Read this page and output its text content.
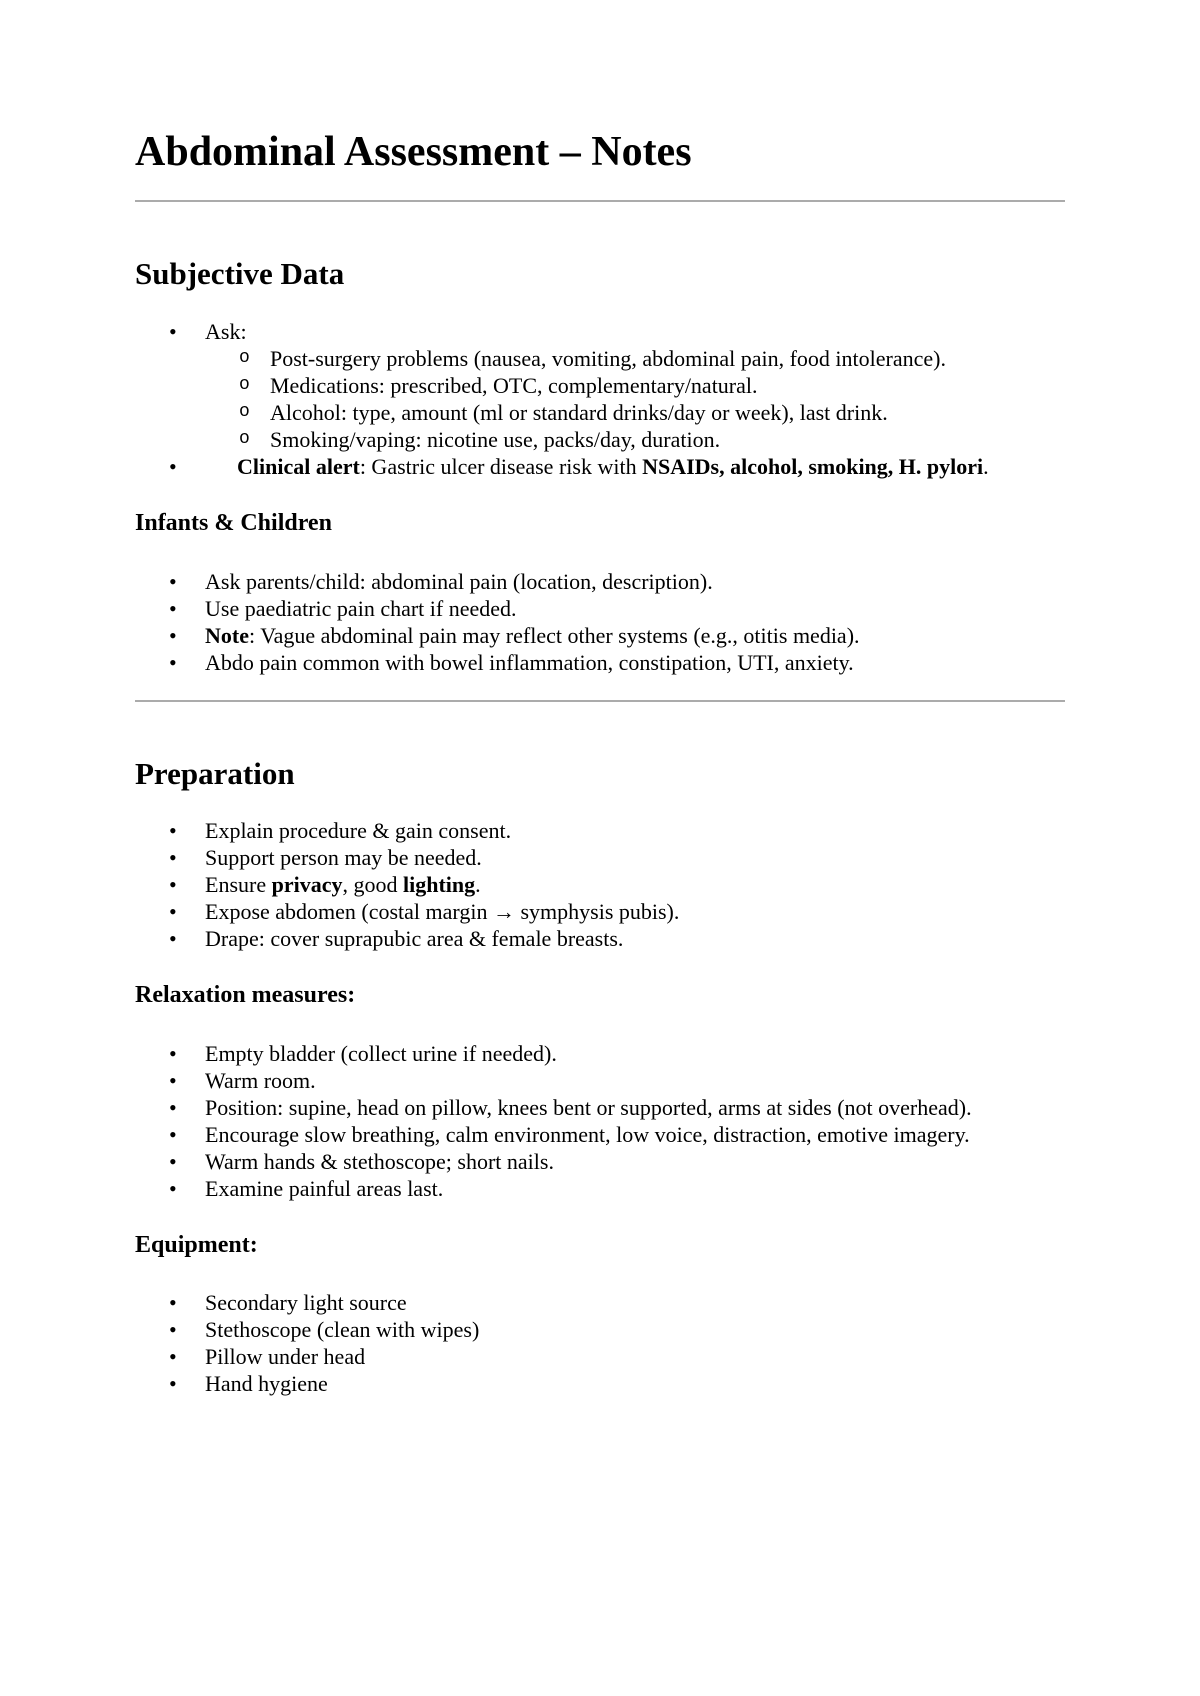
Abdominal Assessment – Notes
Subjective Data
• Ask:
o Post-surgery problems (nausea, vomiting, abdominal pain, food intolerance).
o Medications: prescribed, OTC, complementary/natural.
o Alcohol: type, amount (ml or standard drinks/day or week), last drink.
o Smoking/vaping: nicotine use, packs/day, duration.
•	Clinical alert: Gastric ulcer disease risk with NSAIDs, alcohol, smoking, H. pylori.
Infants & Children
• Ask parents/child: abdominal pain (location, description).
• Use paediatric pain chart if needed.
• Note: Vague abdominal pain may reflect other systems (e.g., otitis media).
• Abdo pain common with bowel inflammation, constipation, UTI, anxiety.
Preparation
• Explain procedure & gain consent.
• Support person may be needed.
• Ensure privacy, good lighting.
• Expose abdomen (costal margin → symphysis pubis).
• Drape: cover suprapubic area & female breasts.
Relaxation measures:
• Empty bladder (collect urine if needed).
• Warm room.
• Position: supine, head on pillow, knees bent or supported, arms at sides (not overhead).
• Encourage slow breathing, calm environment, low voice, distraction, emotive imagery.
• Warm hands & stethoscope; short nails.
• Examine painful areas last.
Equipment:
• Secondary light source
• Stethoscope (clean with wipes)
• Pillow under head
• Hand hygiene
